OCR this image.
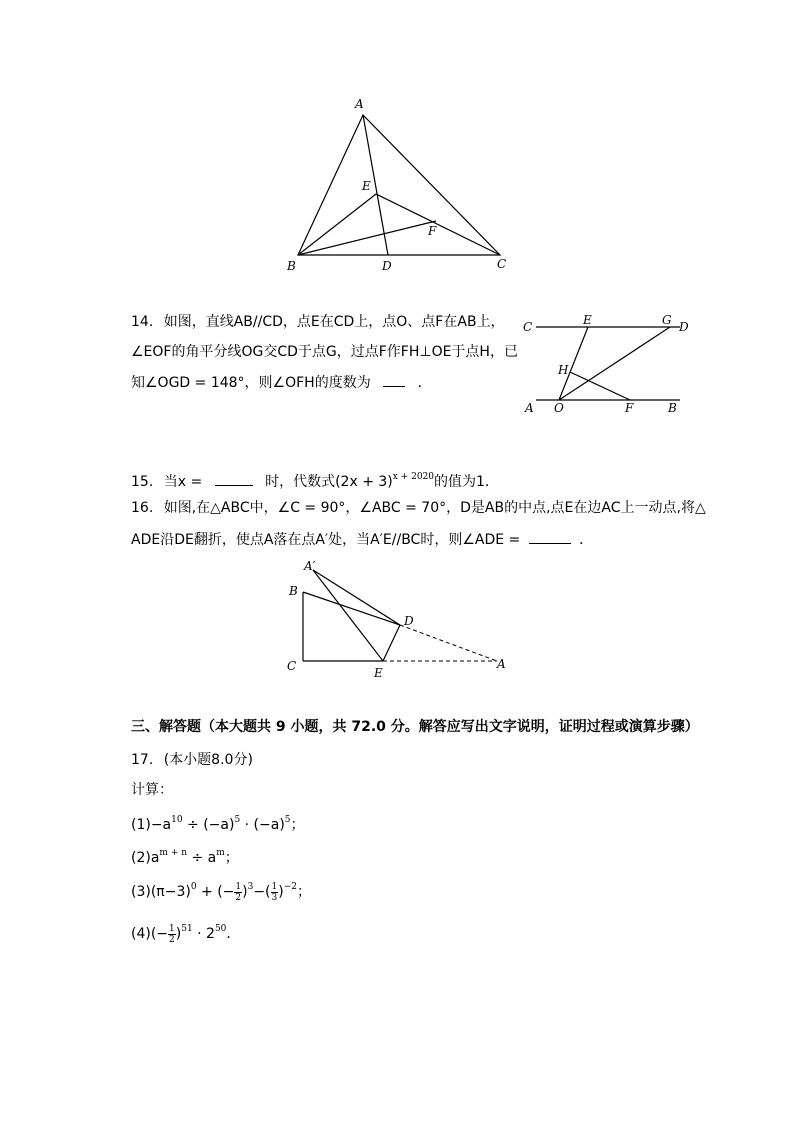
A
B	C
D
E
F
14. 如图，直线AB//CD，点E在CD上，点O、点F在AB上，
∠EOF的角平分线OG交CD于点G，过点F作FH⊥OE于点H，已
知∠OGD = 148°，则∠OFH的度数为	．
C	E	G D
H
A O	F	B
15. 当x =	时，代数式$(2x + 3)^{x + 2020}$的值为1．
16. 如图,在△ABC中，∠C = 90°，∠ABC = 70°，D是AB的中点,点E在边AC上一动点,将△
ADE沿DE翻折，使点A落在点A′处，当A′E//BC时，则∠ADE =	．
A′
B
D
C	E
A
三、解答题（本大题共 9 小题，共 72.0 分。解答应写出文字说明，证明过程或演算步骤）
17. (本小题8.0分)
计算：
$(1)-a^{10} \div (-a)^5 \cdot (-a)^5$；
$(2)a^{m + n} \div a^m$；
$(3)(\pi-3)^0$ + (− $\frac{1}{2} )^3-( \frac{1}{3} )^{-2}$；
$(4)(- \frac{1}{2} )^{51} \cdot 2^{50}$．
